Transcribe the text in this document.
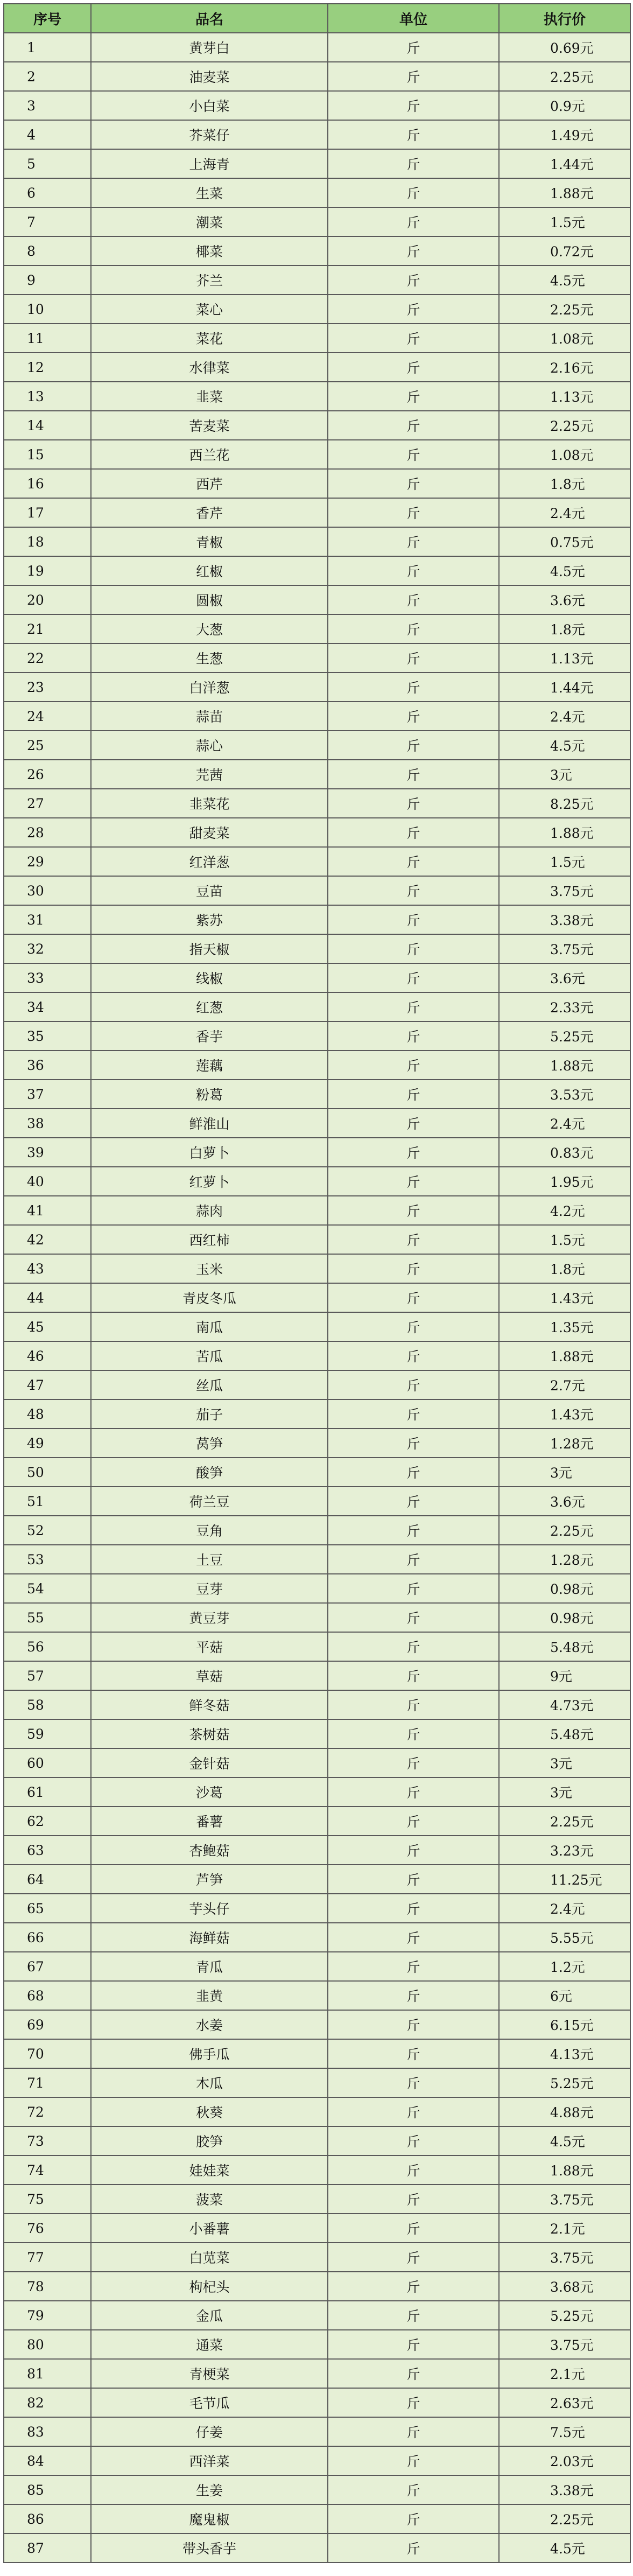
序号	品名	单位	执行价
1	黄芽白	斤	0.69元
2	油麦菜	斤	2.25元
3	小白菜	斤	0.9元
4	芥菜仔	斤	1.49元
5	上海青	斤	1.44元
6	生菜	斤	1.88元
7	潮菜	斤	1.5元
8	椰菜	斤	0.72元
9	芥兰	斤	4.5元
10	菜心	斤	2.25元
11	菜花	斤	1.08元
12	水律菜	斤	2.16元
13	韭菜	斤	1.13元
14	苦麦菜	斤	2.25元
15	西兰花	斤	1.08元
16	西芹	斤	1.8元
17	香芹	斤	2.4元
18	青椒	斤	0.75元
19	红椒	斤	4.5元
20	圆椒	斤	3.6元
21	大葱	斤	1.8元
22	生葱	斤	1.13元
23	白洋葱	斤	1.44元
24	蒜苗	斤	2.4元
25	蒜心	斤	4.5元
26	芫茜	斤	3元
27	韭菜花	斤	8.25元
28	甜麦菜	斤	1.88元
29	红洋葱	斤	1.5元
30	豆苗	斤	3.75元
31	紫苏	斤	3.38元
32	指天椒	斤	3.75元
33	线椒	斤	3.6元
34	红葱	斤	2.33元
35	香芋	斤	5.25元
36	莲藕	斤	1.88元
37	粉葛	斤	3.53元
38	鲜淮山	斤	2.4元
39	白萝卜	斤	0.83元
40	红萝卜	斤	1.95元
41	蒜肉	斤	4.2元
42	西红柿	斤	1.5元
43	玉米	斤	1.8元
44	青皮冬瓜	斤	1.43元
45	南瓜	斤	1.35元
46	苦瓜	斤	1.88元
47	丝瓜	斤	2.7元
48	茄子	斤	1.43元
49	莴笋	斤	1.28元
50	酸笋	斤	3元
51	荷兰豆	斤	3.6元
52	豆角	斤	2.25元
53	土豆	斤	1.28元
54	豆芽	斤	0.98元
55	黄豆芽	斤	0.98元
56	平菇	斤	5.48元
57	草菇	斤	9元
58	鲜冬菇	斤	4.73元
59	茶树菇	斤	5.48元
60	金针菇	斤	3元
61	沙葛	斤	3元
62	番薯	斤	2.25元
63	杏鲍菇	斤	3.23元
64	芦笋	斤	11.25元
65	芋头仔	斤	2.4元
66	海鲜菇	斤	5.55元
67	青瓜	斤	1.2元
68	韭黄	斤	6元
69	水姜	斤	6.15元
70	佛手瓜	斤	4.13元
71	木瓜	斤	5.25元
72	秋葵	斤	4.88元
73	胶笋	斤	4.5元
74	娃娃菜	斤	1.88元
75	菠菜	斤	3.75元
76	小番薯	斤	2.1元
77	白苋菜	斤	3.75元
78	枸杞头	斤	3.68元
79	金瓜	斤	5.25元
80	通菜	斤	3.75元
81	青梗菜	斤	2.1元
82	毛节瓜	斤	2.63元
83	仔姜	斤	7.5元
84	西洋菜	斤	2.03元
85	生姜	斤	3.38元
86	魔鬼椒	斤	2.25元
87	带头香芋	斤	4.5元
